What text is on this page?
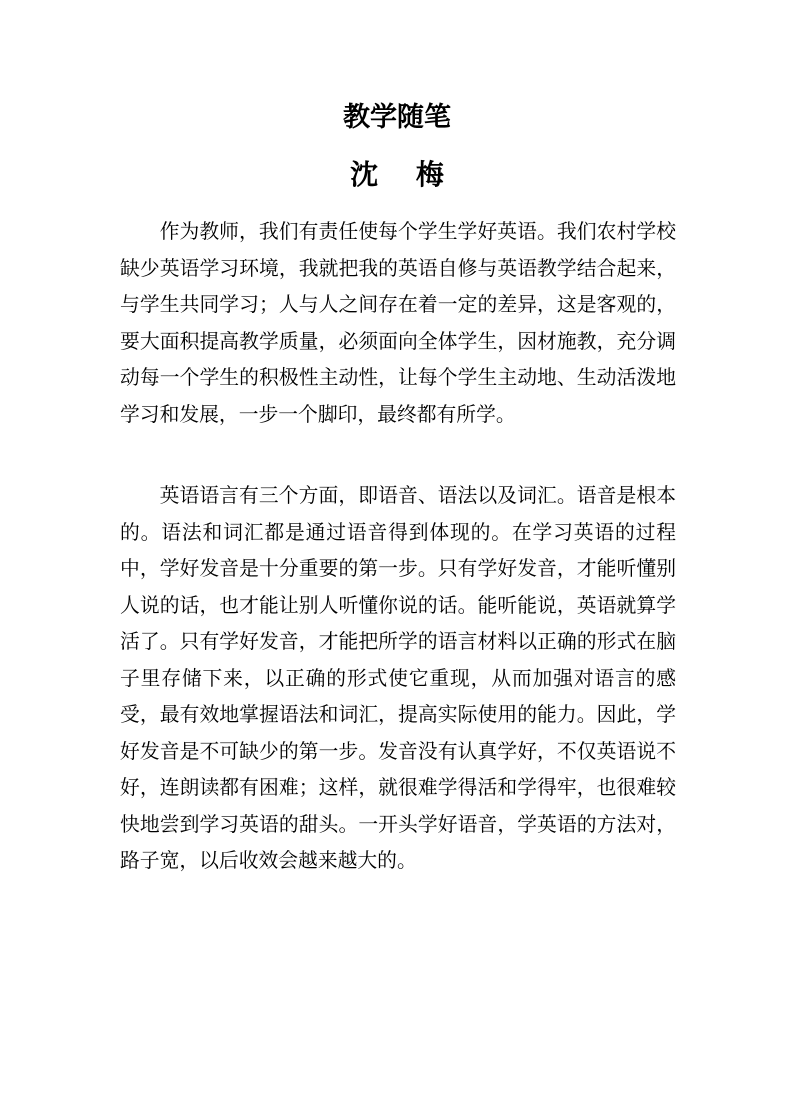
教学随笔
沈 梅

作为教师，我们有责任使每个学生学好英语。我们农村学校缺少英语学习环境，我就把我的英语自修与英语教学结合起来，与学生共同学习；人与人之间存在着一定的差异，这是客观的，要大面积提高教学质量，必须面向全体学生，因材施教，充分调动每一个学生的积极性主动性，让每个学生主动地、生动活泼地学习和发展，一步一个脚印，最终都有所学。

英语语言有三个方面，即语音、语法以及词汇。语音是根本的。语法和词汇都是通过语音得到体现的。在学习英语的过程中，学好发音是十分重要的第一步。只有学好发音，才能听懂别人说的话，也才能让别人听懂你说的话。能听能说，英语就算学活了。只有学好发音，才能把所学的语言材料以正确的形式在脑子里存储下来，以正确的形式使它重现，从而加强对语言的感受，最有效地掌握语法和词汇，提高实际使用的能力。因此，学好发音是不可缺少的第一步。发音没有认真学好，不仅英语说不好，连朗读都有困难；这样，就很难学得活和学得牢，也很难较快地尝到学习英语的甜头。一开头学好语音，学英语的方法对，路子宽，以后收效会越来越大的。
